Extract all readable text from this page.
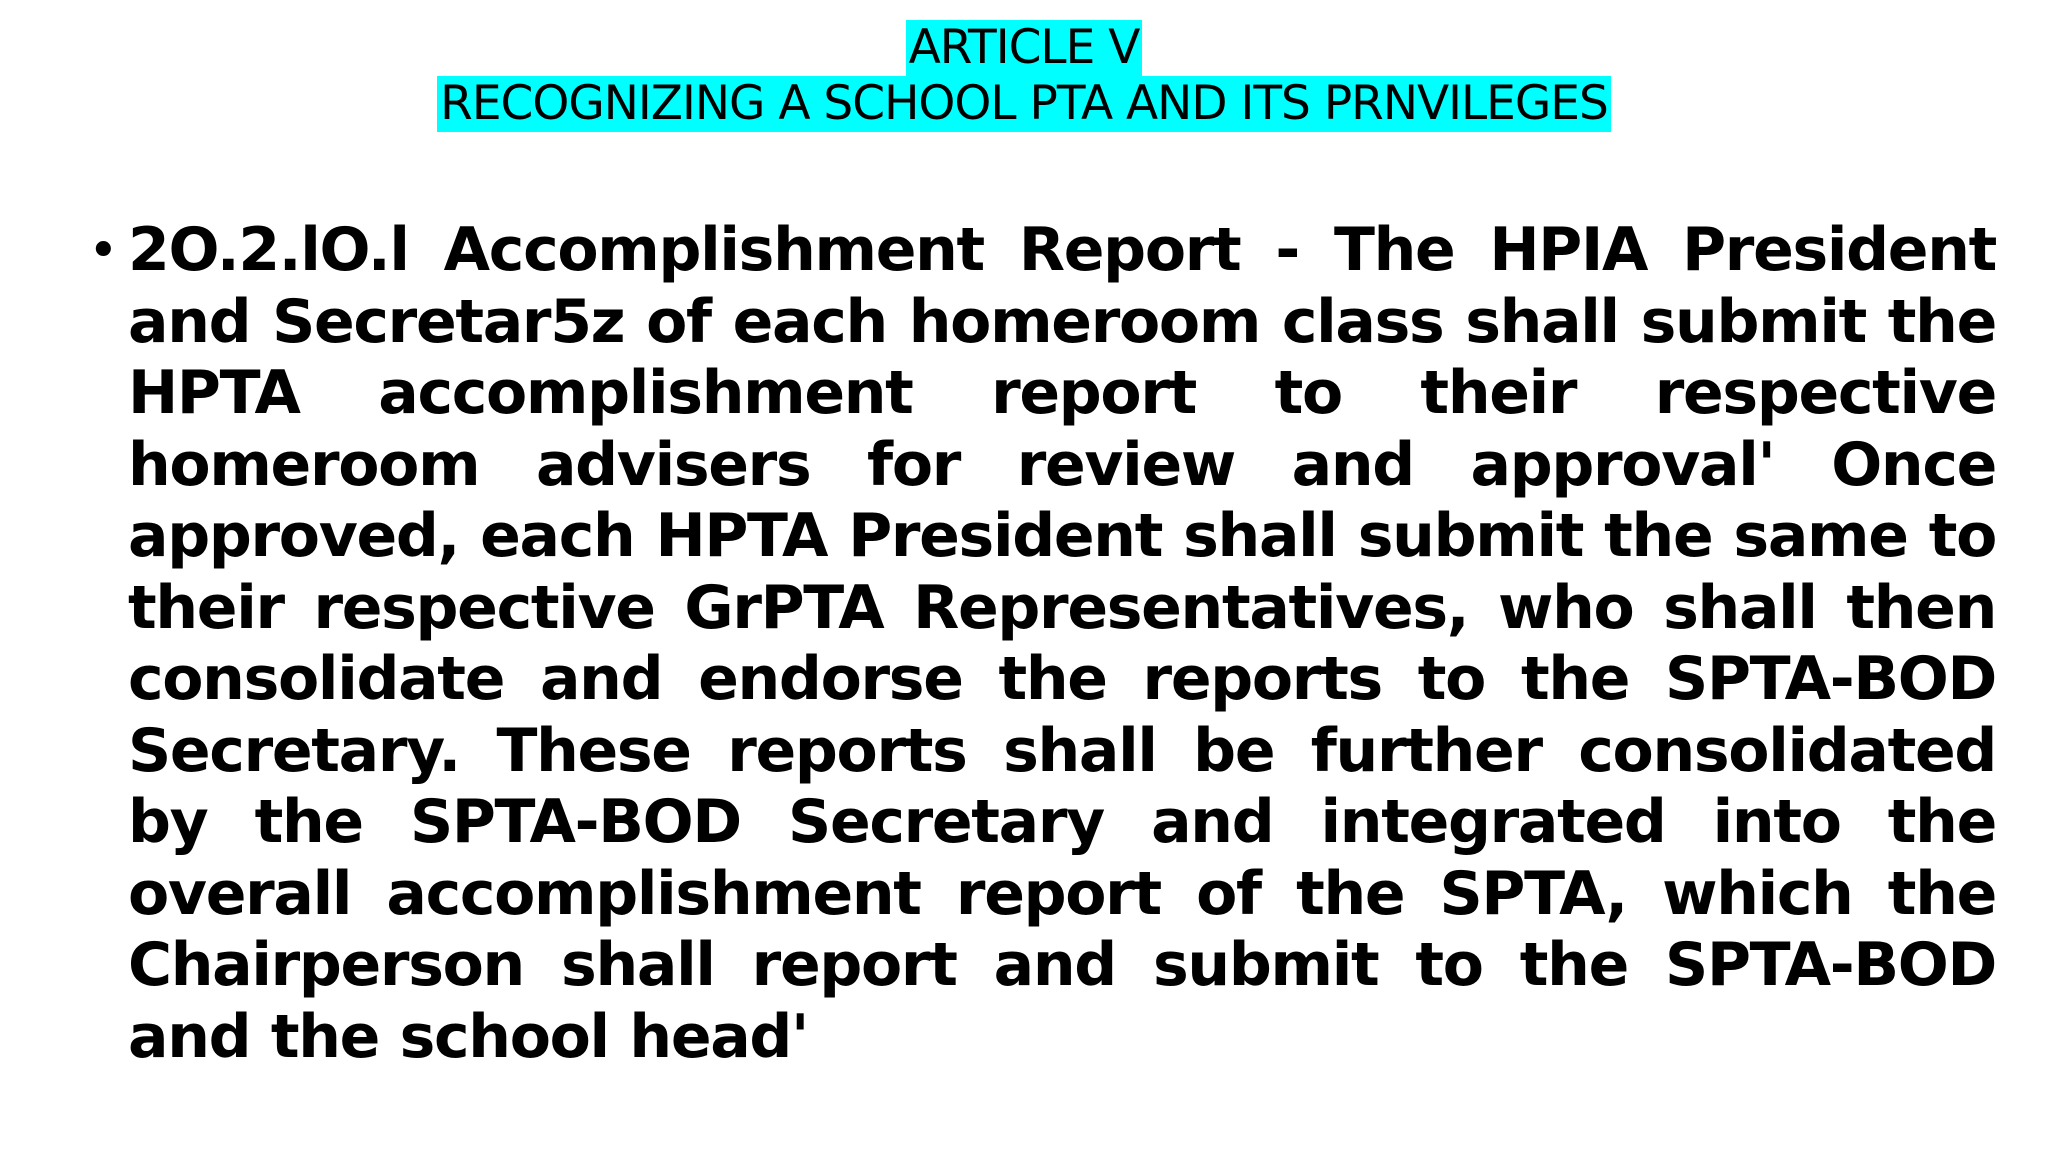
ARTICLE V
RECOGNIZING A SCHOOL PTA AND ITS PRNVILEGES
• 2O.2.lO.l Accomplishment Report - The HPIA President and Secretar5z of each homeroom class shall submit the HPTA accomplishment report to their respective homeroom advisers for review and approval' Once approved, each HPTA President shall submit the same to their respective GrPTA Representatives, who shall then consolidate and endorse the reports to the SPTA-BOD Secretary. These reports shall be further consolidated by the SPTA-BOD Secretary and integrated into the overall accomplishment report of the SPTA, which the Chairperson shall report and submit to the SPTA-BOD and the school head'
